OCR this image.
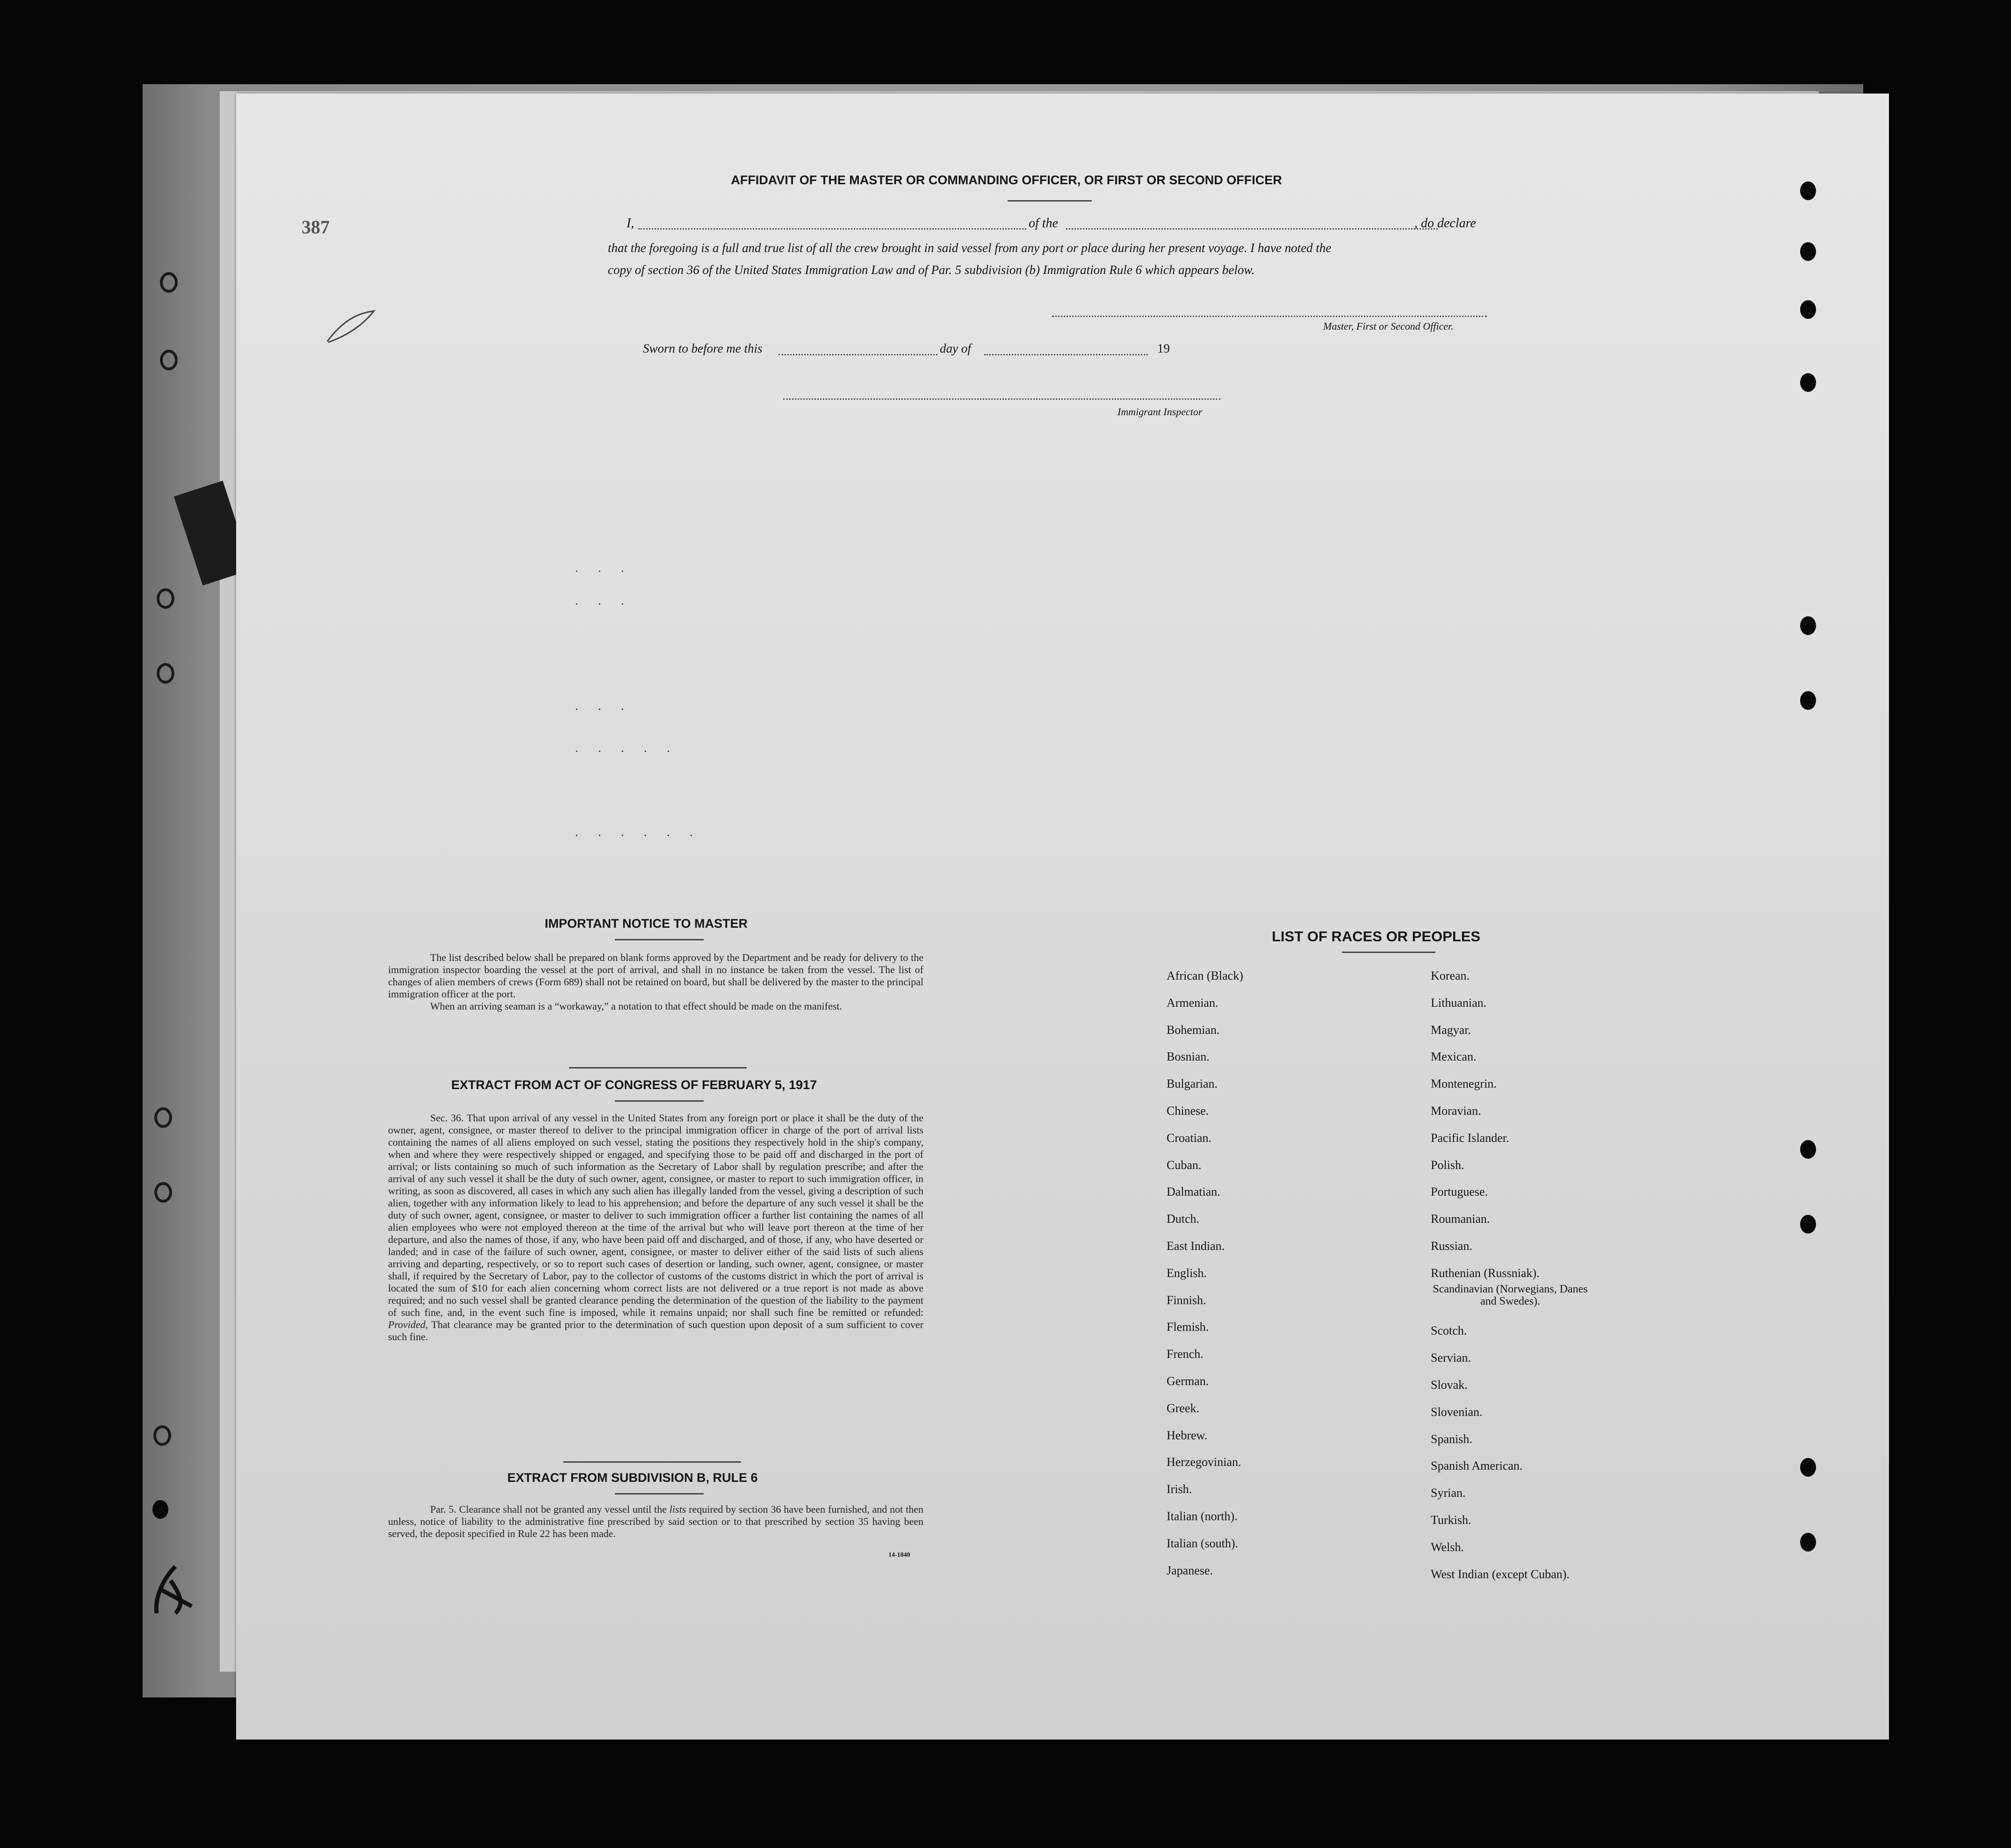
387
AFFIDAVIT OF THE MASTER OR COMMANDING OFFICER, OR FIRST OR SECOND OFFICER
I,	of the	, do declare
that the foregoing is a full and true list of all the crew brought in said vessel from any port or place during her present voyage. I have noted the
copy of section 36 of the United States Immigration Law and of Par. 5 subdivision (b) Immigration Rule 6 which appears below.
Master, First or Second Officer.
Sworn to before me this	day of	19
Immigrant Inspector
. . .
. . .
. . .
. . . . .
. . . . . .
IMPORTANT NOTICE TO MASTER

The list described below shall be prepared on blank forms approved by the Department and be ready for delivery to the immigration inspector boarding the vessel at the port of arrival, and shall in no instance be taken from the vessel. The list of changes of alien members of crews (Form 689) shall not be retained on board, but shall be delivered by the master to the principal immigration officer at the port.

When an arriving seaman is a “workaway,” a notation to that effect should be made on the manifest.

EXTRACT FROM ACT OF CONGRESS OF FEBRUARY 5, 1917

Sec. 36. That upon arrival of any vessel in the United States from any foreign port or place it shall be the duty of the owner, agent, consignee, or master thereof to deliver to the principal immigration officer in charge of the port of arrival lists containing the names of all aliens employed on such vessel, stating the positions they respectively hold in the ship's company, when and where they were respectively shipped or engaged, and specifying those to be paid off and discharged in the port of arrival; or lists containing so much of such information as the Secretary of Labor shall by regulation prescribe; and after the arrival of any such vessel it shall be the duty of such owner, agent, consignee, or master to report to such immigration officer, in writing, as soon as discovered, all cases in which any such alien has illegally landed from the vessel, giving a description of such alien, together with any information likely to lead to his apprehension; and before the departure of any such vessel it shall be the duty of such owner, agent, consignee, or master to deliver to such immigration officer a further list containing the names of all alien employees who were not employed thereon at the time of the arrival but who will leave port thereon at the time of her departure, and also the names of those, if any, who have been paid off and discharged, and of those, if any, who have deserted or landed; and in case of the failure of such owner, agent, consignee, or master to deliver either of the said lists of such aliens arriving and departing, respectively, or so to report such cases of desertion or landing, such owner, agent, consignee, or master shall, if required by the Secretary of Labor, pay to the collector of customs of the customs district in which the port of arrival is located the sum of $10 for each alien concerning whom correct lists are not delivered or a true report is not made as above required; and no such vessel shall be granted clearance pending the determination of the question of the liability to the payment of such fine, and, in the event such fine is imposed, while it remains unpaid; nor shall such fine be remitted or refunded: Provided, That clearance may be granted prior to the determination of such question upon deposit of a sum sufficient to cover such fine.

EXTRACT FROM SUBDIVISION B, RULE 6

Par. 5. Clearance shall not be granted any vessel until the lists required by section 36 have been furnished, and not then unless, notice of liability to the administrative fine prescribed by said section or to that prescribed by section 35 having been served, the deposit specified in Rule 22 has been made.

14-1840
LIST OF RACES OR PEOPLES
African (Black)
Armenian.
Bohemian.
Bosnian.
Bulgarian.
Chinese.
Croatian.
Cuban.
Dalmatian.
Dutch.
East Indian.
English.
Finnish.
Flemish.
French.
German.
Greek.
Hebrew.
Herzegovinian.
Irish.
Italian (north).
Italian (south).
Japanese.
Korean.
Lithuanian.
Magyar.
Mexican.
Montenegrin.
Moravian.
Pacific Islander.
Polish.
Portuguese.
Roumanian.
Russian.
Ruthenian (Russniak).
Scandinavian (Norwegians, Danes and Swedes).
Scotch.
Servian.
Slovak.
Slovenian.
Spanish.
Spanish American.
Syrian.
Turkish.
Welsh.
West Indian (except Cuban).
